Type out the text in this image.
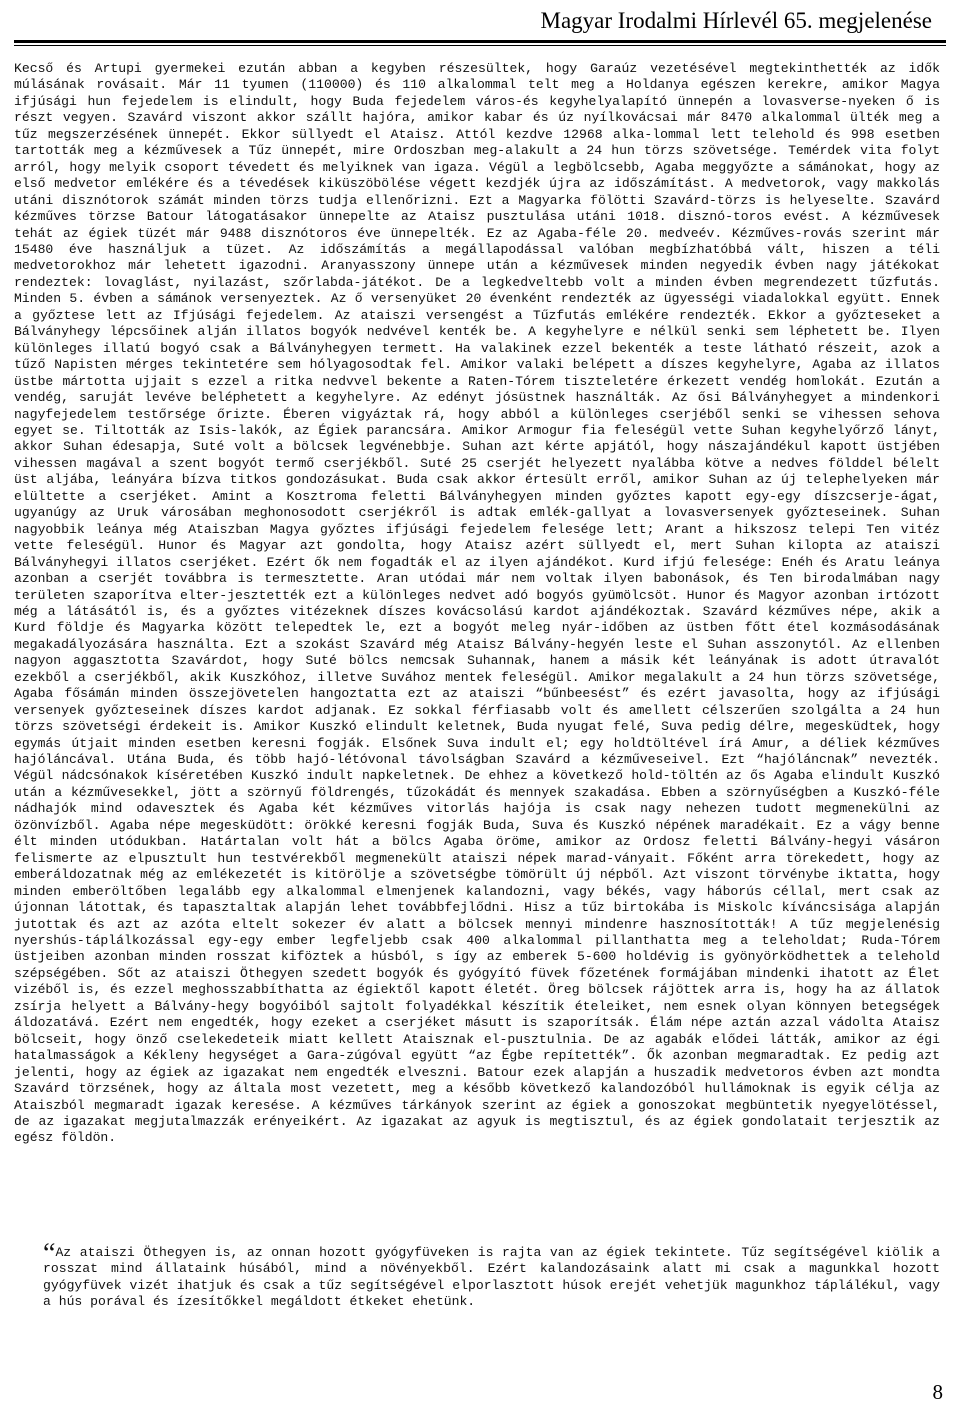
Magyar Irodalmi Hírlevél 65. megjelenése
Kecső és Artupi gyermekei ezután abban a kegyben részesültek, hogy Garaúz vezetésével megtekinthették az idők múlásának rovásait. Már 11 tyumen (110000) és 110 alkalommal telt meg a Holdanya egészen kerekre, amikor Magya ifjúsági hun fejedelem is elindult, hogy Buda fejedelem város-és kegyhelyalapító ünnepén a lovasverse-nyeken ő is részt vegyen. Szavárd viszont akkor szállt hajóra, amikor kabar és úz nyílkovácsai már 8470 alkalommal ülték meg a tűz megszerzésének ünnepét. Ekkor süllyedt el Ataisz. Attól kezdve 12968 alka-lommal lett telehold és 998 esetben tartották meg a kézművesek a Tűz ünnepét, mire Ordoszban meg-alakult a 24 hun törzs szövetsége. Temérdek vita folyt arról, hogy melyik csoport tévedett és melyiknek van igaza. Végül a legbölcsebb, Agaba meggyőzte a sámánokat, hogy az első medvetor emlékére és a tévedések kiküszöbölése végett kezdjék újra az időszámítást. A medvetorok, vagy makkolás utáni disznótorok számát minden törzs tudja ellenőrizni. Ezt a Magyarka fölötti Szavárd-törzs is helyeselte. Szavárd kézműves törzse Batour látogatásakor ünnepelte az Ataisz pusztulása utáni 1018. disznó-toros evést. A kézművesek tehát az égiek tüzét már 9488 disznótoros éve ünnepelték. Ez az Agaba-féle 20. medveév. Kézműves-rovás szerint már 15480 éve használjuk a tüzet. Az időszámítás a megállapodással valóban megbízhatóbbá vált, hiszen a téli medvetorokhoz már lehetett igazodni. Aranyasszony ünnepe után a kézművesek minden negyedik évben nagy játékokat rendeztek: lovaglást, nyilazást, szőrlabda-játékot. De a legkedveltebb volt a minden évben megrendezett tűzfutás. Minden 5. évben a sámánok versenyeztek. Az ő versenyüket 20 évenként rendezték az ügyességi viadalokkal együtt. Ennek a győztese lett az Ifjúsági fejedelem. Az ataiszi versengést a Tűzfutás emlékére rendezték. Ekkor a győzteseket a Bálványhegy lépcsőinek alján illatos bogyók nedvével kenték be. A kegyhelyre e nélkül senki sem léphetett be. Ilyen különleges illatú bogyó csak a Bálványhegyen termett. Ha valakinek ezzel bekenték a teste látható részeit, azok a tűző Napisten mérges tekintetére sem hólyagosodtak fel. Amikor valaki belépett a díszes kegyhelyre, Agaba az illatos üstbe mártotta ujjait s ezzel a ritka nedvvel bekente a Raten-Tórem tiszteletére érkezett vendég homlokát. Ezután a vendég, saruját levéve beléphetett a kegyhelyre. Az edényt jósüstnek használták. Az ősi Bálványhegyet a mindenkori nagyfejedelem testőrsége őrizte. Éberen vigyáztak rá, hogy abból a különleges cserjéből senki se vihessen sehova egyet se. Tiltották az Isis-lakók, az Égiek parancsára. Amikor Armogur fia feleségül vette Suhan kegyhelyőrző lányt, akkor Suhan édesapja, Suté volt a bölcsek legvénebbje. Suhan azt kérte apjától, hogy nászajándékul kapott üstjében vihessen magával a szent bogyót termő cserjékből. Suté 25 cserjét helyezett nyalábba kötve a nedves földdel bélelt üst aljába, leányára bízva titkos gondozásukat. Buda csak akkor értesült erről, amikor Suhan az új telephelyeken már elültette a cserjéket. Amint a Kosztroma feletti Bálványhegyen minden győztes kapott egy-egy díszcserje-ágat, ugyanúgy az Uruk városában meghonosodott cserjékről is adtak emlék-gallyat a lovasversenyek győzteseinek. Suhan nagyobbik leánya még Ataiszban Magya győztes ifjúsági fejedelem felesége lett; Arant a hikszosz telepi Ten vitéz vette feleségül. Hunor és Magyar azt gondolta, hogy Ataisz azért süllyedt el, mert Suhan kilopta az ataiszi Bálványhegyi illatos cserjéket. Ezért ők nem fogadták el az ilyen ajándékot. Kurd ifjú felesége: Enéh és Aratu leánya azonban a cserjét továbbra is termesztette. Aran utódai már nem voltak ilyen babonások, és Ten birodalmában nagy területen szaporítva elter-jesztették ezt a különleges nedvet adó bogyós gyümölcsöt. Hunor és Magyor azonban irtózott még a látásától is, és a győztes vitézeknek díszes kovácsolású kardot ajándékoztak. Szavárd kézműves népe, akik a Kurd földje és Magyarka között telepedtek le, ezt a bogyót meleg nyár-időben az üstben főtt étel kozmásodásának megakadályozására használta. Ezt a szokást Szavárd még Ataisz Bálvány-hegyén leste el Suhan asszonytól. Az ellenben nagyon aggasztotta Szavárdot, hogy Suté bölcs nemcsak Suhannak, hanem a másik két leányának is adott útravalót ezekből a cserjékből, akik Kuszkóhoz, illetve Suvához mentek feleségül. Amikor megalakult a 24 hun törzs szövetsége, Agaba fősámán minden összejövetelen hangoztatta ezt az ataiszi “bűnbeesést” és ezért javasolta, hogy az ifjúsági versenyek győzteseinek díszes kardot adjanak. Ez sokkal férfiasabb volt és amellett célszerűen szolgálta a 24 hun törzs szövetségi érdekeit is. Amikor Kuszkó elindult keletnek, Buda nyugat felé, Suva pedig délre, megesküdtek, hogy egymás útjait minden esetben keresni fogják. Elsőnek Suva indult el; egy holdtöltével írá Amur, a déliek kézműves hajóláncával. Utána Buda, és több hajó-létóvonal távolságban Szavárd a kézműveseivel. Ezt “hajóláncnak” nevezték. Végül nádcsónakok kíséretében Kuszkó indult napkeletnek. De ehhez a következő hold-töltén az ős Agaba elindult Kuszkó után a kézművesekkel, jött a szörnyű földrengés, tűzokádát és mennyek szakadása. Ebben a szörnyűségben a Kuszkó-féle nádhajók mind odavesztek és Agaba két kézműves vitorlás hajója is csak nagy nehezen tudott megmenekülni az özönvízből. Agaba népe megesküdött: örökké keresni fogják Buda, Suva és Kuszkó népének maradékait. Ez a vágy benne élt minden utódukban. Határtalan volt hát a bölcs Agaba öröme, amikor az Ordosz feletti Bálvány-hegyi vásáron felismerte az elpusztult hun testvérekből megmenekült ataiszi népek marad-ványait. Főként arra törekedett, hogy az emberáldozatnak még az emlékezetét is kitörölje a szövetségbe tömörült új népből. Azt viszont törvénybe iktatta, hogy minden emberöltőben legalább egy alkalommal elmenjenek kalandozni, vagy békés, vagy háborús céllal, mert csak az újonnan látottak, és tapasztaltak alapján lehet továbbfejlődni. Hisz a tűz birtokába is Miskolc kíváncsisága alapján jutottak és azt az azóta eltelt sokezer év alatt a bölcsek mennyi mindenre hasznosították! A tűz megjelenésig nyershús-táplálkozással egy-egy ember legfeljebb csak 400 alkalommal pillanthatta meg a teleholdat; Ruda-Tórem üstjeiben azonban minden rosszat kiföztek a húsból, s így az emberek 5-600 holdévig is gyönyörködhettek a telehold szépségében. Sőt az ataiszi Öthegyen szedett bogyók és gyógyító füvek főzetének formájában mindenki ihatott az Élet vizéből is, és ezzel meghosszabbíthatta az égiektől kapott életét. Öreg bölcsek rájöttek arra is, hogy ha az állatok zsírja helyett a Bálvány-hegy bogyóiból sajtolt folyadékkal készítik ételeiket, nem esnek olyan könnyen betegségek áldozatává. Ezért nem engedték, hogy ezeket a cserjéket másutt is szaporítsák. Élám népe aztán azzal vádolta Ataisz bölcseit, hogy önző cselekedeteik miatt kellett Ataisznak el-pusztulnia. De az agabák elődei látták, amikor az égi hatalmasságok a Kékleny hegységet a Gara-zúgóval együtt “az Égbe repítették”. Ők azonban megmaradtak. Ez pedig azt jelenti, hogy az égiek az igazakat nem engedték elveszni. Batour ezek alapján a huszadik medvetoros évben azt mondta Szavárd törzsének, hogy az általa most vezetett, meg a később következő kalandozóból hullámoknak is egyik célja az Ataiszból megmaradt igazak keresése. A kézműves tárkányok szerint az égiek a gonoszokat megbüntetik nyegyelötéssel, de az igazakat megjutalmazzák erényeikért. Az igazakat az agyuk is megtisztul, és az égiek gondolatait terjesztik az egész földön.
“Az ataiszi Öthegyen is, az onnan hozott gyógyfüveken is rajta van az égiek tekintete. Tűz segítségével kiölik a rosszat mind állataink húsából, mind a növényekből. Ezért kalandozásaink alatt mi csak a magunkkal hozott gyógyfüvek vizét ihatjuk és csak a tűz segítségével elporlasztott húsok erejét vehetjük magunkhoz táplálékul, vagy a hús porával és ízesítőkkel megáldott étkeket ehetünk.
8
